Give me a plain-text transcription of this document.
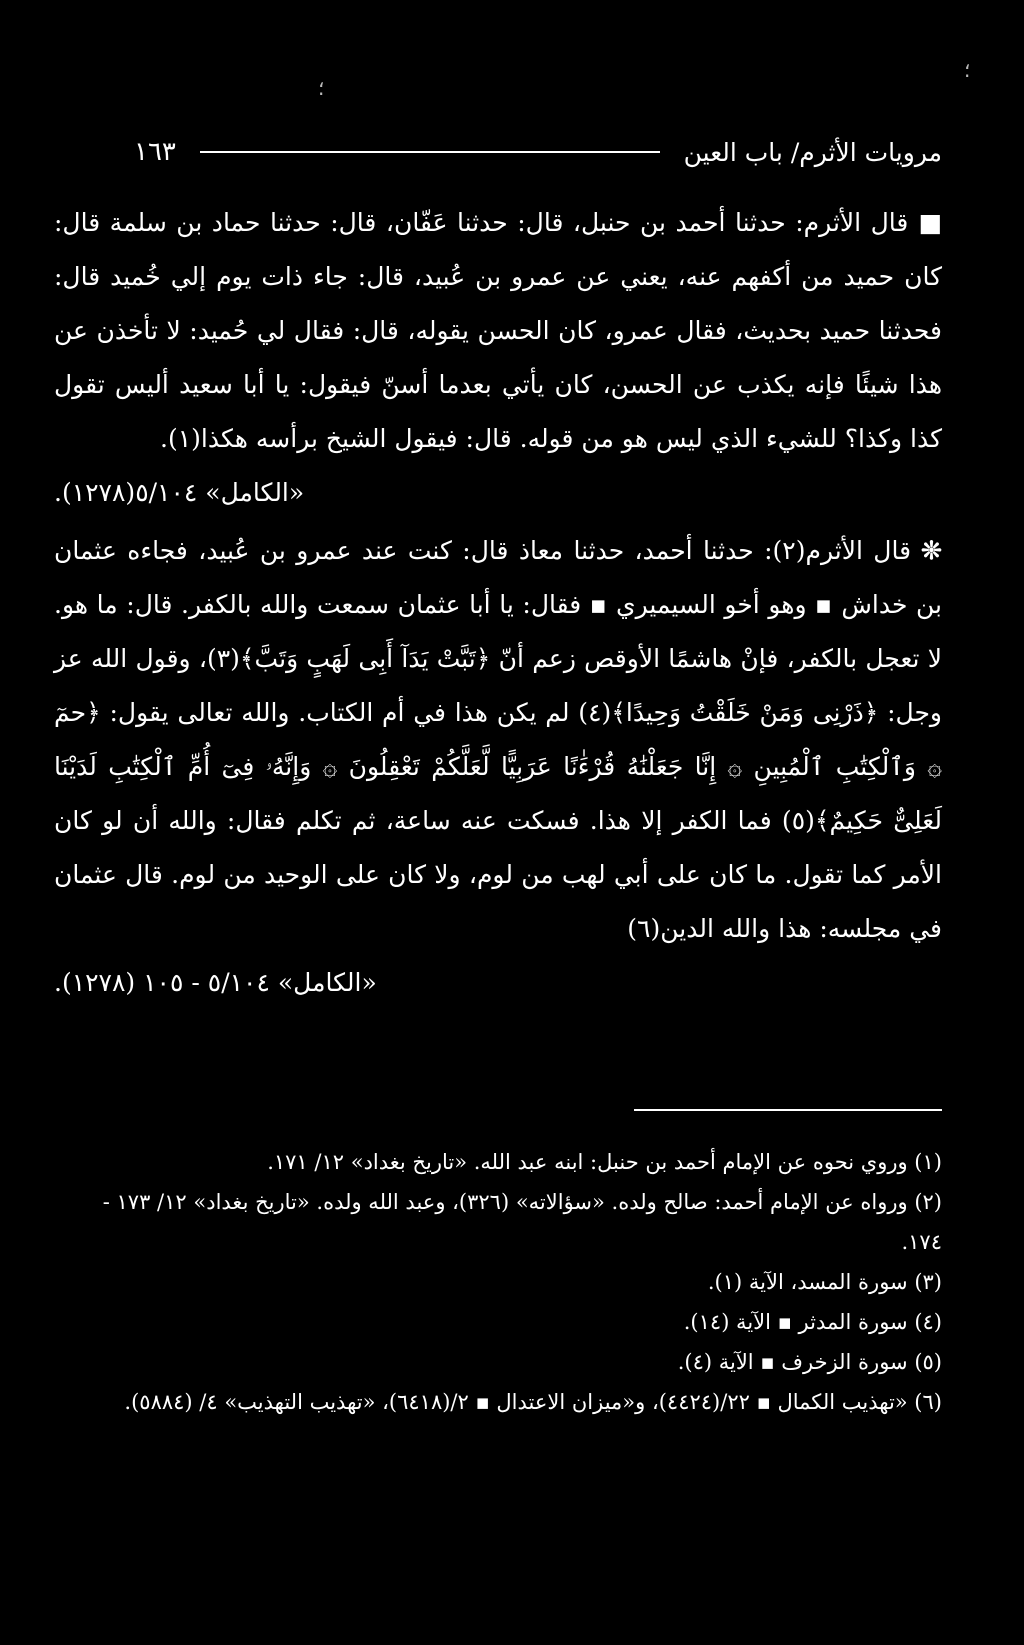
؛
؛
مرويات الأثرم/ باب العين
١٦٣

■قال الأثرم: حدثنا أحمد بن حنبل، قال: حدثنا عَفّان، قال: حدثنا حماد بن سلمة قال: كان حميد من أكفهم عنه، يعني عن عمرو بن عُبيد، قال: جاء ذات يوم إلي خُميد قال: فحدثنا حميد بحديث، فقال عمرو، كان الحسن يقوله، قال: فقال لي حُميد: لا تأخذن عن هذا شيئًا فإنه يكذب عن الحسن، كان يأتي بعدما أسنّ فيقول: يا أبا سعيد أليس تقول كذا وكذا؟ للشيء الذي ليس هو من قوله. قال: فيقول الشيخ برأسه هكذا(١).

«الكامل» ٥/١٠٤(١٢٧٨).

❊قال الأثرم(٢): حدثنا أحمد، حدثنا معاذ قال: كنت عند عمرو بن عُبيد، فجاءه عثمان بن خداش ▪ وهو أخو السيميري ▪ فقال: يا أبا عثمان سمعت والله بالكفر. قال: ما هو. لا تعجل بالكفر، فإنْ هاشمًا الأوقص زعم أنّ ﴿تَبَّتْ يَدَآ أَبِى لَهَبٍ وَتَبَّ﴾(٣)، وقول الله عز وجل: ﴿ذَرْنِى وَمَنْ خَلَقْتُ وَحِيدًا﴾(٤) لم يكن هذا في أم الكتاب. والله تعالى يقول: ﴿حمٓ ۞ وَٱلْكِتَٰبِ ٱلْمُبِينِ ۞ إِنَّا جَعَلْنَٰهُ قُرْءَٰنًا عَرَبِيًّا لَّعَلَّكُمْ تَعْقِلُونَ ۞ وَإِنَّهُۥ فِىٓ أُمِّ ٱلْكِتَٰبِ لَدَيْنَا لَعَلِىٌّ حَكِيمٌ﴾(٥) فما الكفر إلا هذا. فسكت عنه ساعة، ثم تكلم فقال: والله أن لو كان الأمر كما تقول. ما كان على أبي لهب من لوم، ولا كان على الوحيد من لوم. قال عثمان في مجلسه: هذا والله الدين(٦)

«الكامل» ٥/١٠٤ - ١٠٥ (١٢٧٨).

(١) وروي نحوه عن الإمام أحمد بن حنبل: ابنه عبد الله. «تاريخ بغداد» ١٢/ ١٧١.

(٢) ورواه عن الإمام أحمد: صالح ولده. «سؤالاته» (٣٢٦)، وعبد الله ولده. «تاريخ بغداد» ١٢/ ١٧٣ - ١٧٤.

(٣) سورة المسد، الآية (١).

(٤) سورة المدثر ▪ الآية (١٤).

(٥) سورة الزخرف ▪ الآية (٤).

(٦) «تهذيب الكمال ▪ ٢٢/(٤٤٢٤)، و«ميزان الاعتدال ▪ ٢/(٦٤١٨)، «تهذيب التهذيب» ٤/ (٥٨٨٤).
